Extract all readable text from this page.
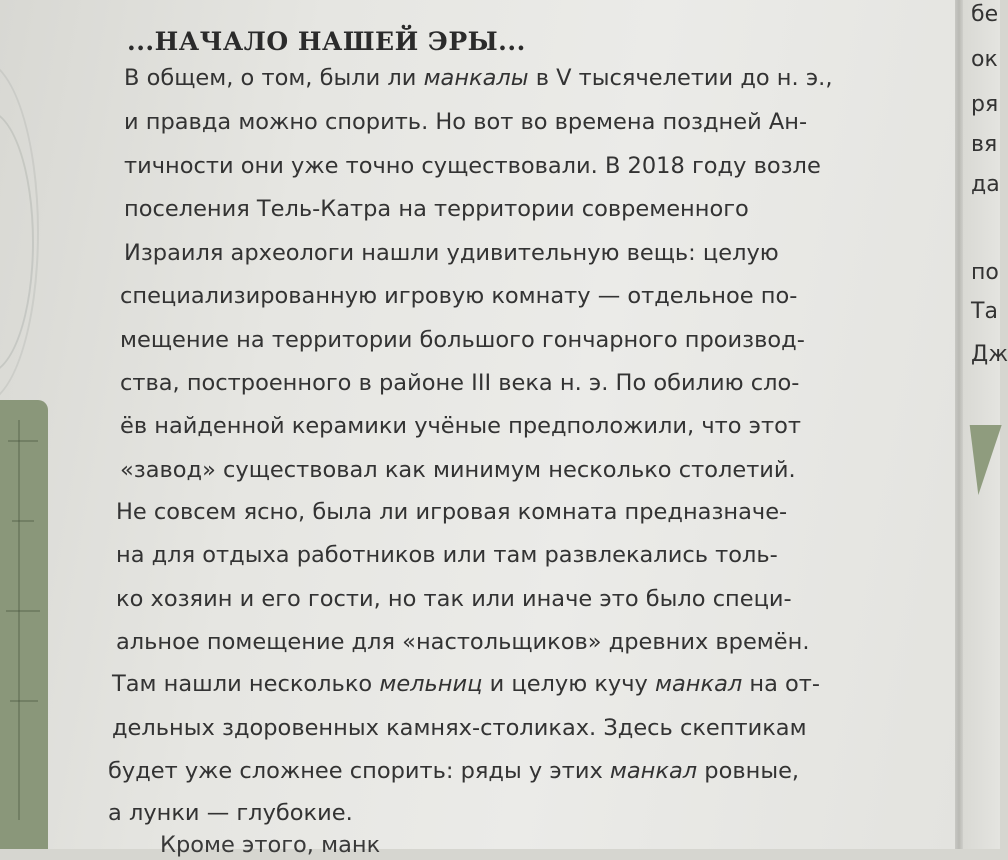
...НАЧАЛО НАШЕЙ ЭРЫ...
В общем, о том, были ли манкалы в V тысячелетии до н. э.,
и правда можно спорить. Но вот во времена поздней Ан-
тичности они уже точно существовали. В 2018 году возле
поселения Тель-Катра на территории современного
Израиля археологи нашли удивительную вещь: целую
специализированную игровую комнату — отдельное по-
мещение на территории большого гончарного производ-
ства, построенного в районе III века н. э. По обилию сло-
ёв найденной керамики учёные предположили, что этот
«завод» существовал как минимум несколько столетий.
Не совсем ясно, была ли игровая комната предназначе-
на для отдыха работников или там развлекались толь-
ко хозяин и его гости, но так или иначе это было специ-
альное помещение для «настольщиков» древних времён.
Там нашли несколько мельниц и целую кучу манкал на от-
дельных здоровенных камнях-столиках. Здесь скептикам
будет уже сложнее спорить: ряды у этих манкал ровные,
а лунки — глубокие.
Кроме этого, манк
бе
ок
ря
вя
да
по
Та
Дж
